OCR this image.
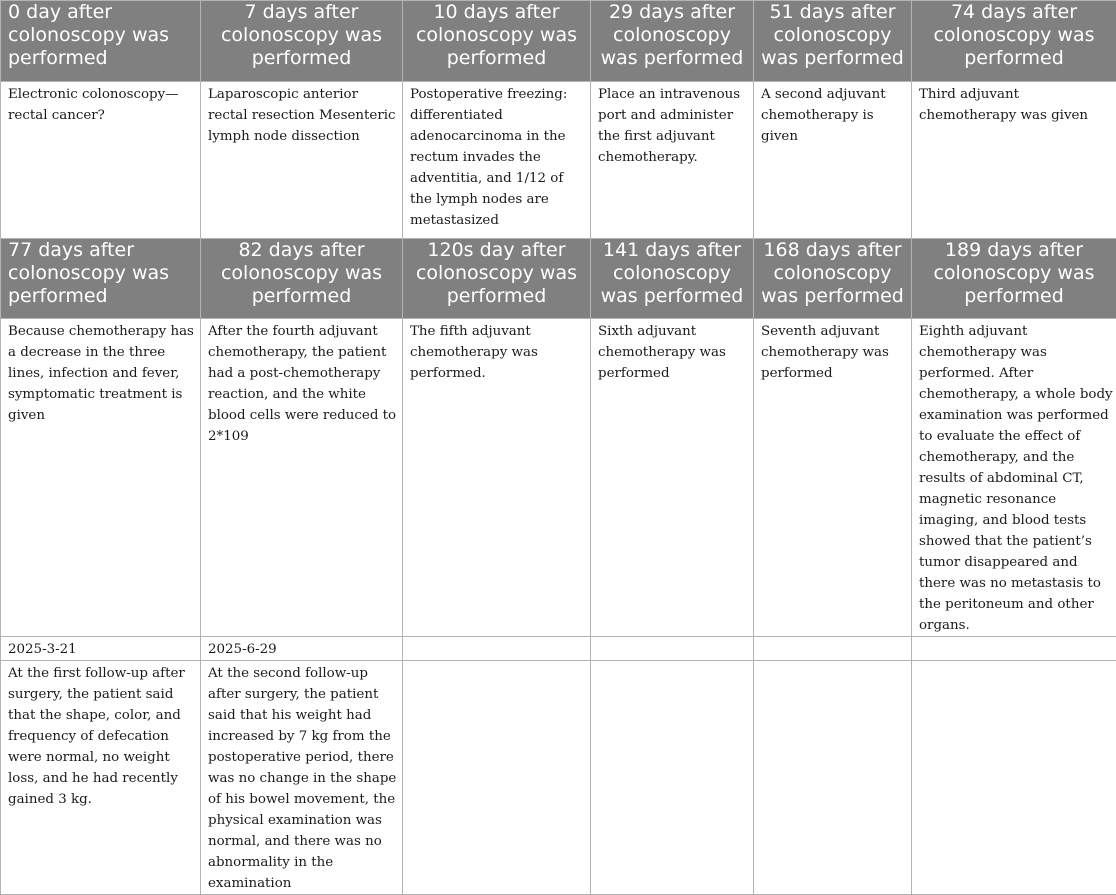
0 day after colonoscopy was performed	7 days after colonoscopy was performed	10 days after colonoscopy was performed	29 days after colonoscopy was performed	51 days after colonoscopy was performed	74 days after colonoscopy was performed
Electronic colonoscopy—rectal cancer?	Laparoscopic anterior rectal resection Mesenteric lymph node dissection	Postoperative freezing: differentiated adenocarcinoma in the rectum invades the adventitia, and 1/12 of the lymph nodes are metastasized	Place an intravenous port and administer the first adjuvant chemotherapy.	A second adjuvant chemotherapy is given	Third adjuvant chemotherapy was given
77 days after colonoscopy was performed	82 days after colonoscopy was performed	120s day after colonoscopy was performed	141 days after colonoscopy was performed	168 days after colonoscopy was performed	189 days after colonoscopy was performed
Because chemotherapy has a decrease in the three lines, infection and fever, symptomatic treatment is given	After the fourth adjuvant chemotherapy, the patient had a post-chemotherapy reaction, and the white blood cells were reduced to 2*109	The fifth adjuvant chemotherapy was performed.	Sixth adjuvant chemotherapy was performed	Seventh adjuvant chemotherapy was performed	Eighth adjuvant chemotherapy was performed. After chemotherapy, a whole body examination was performed to evaluate the effect of chemotherapy, and the results of abdominal CT, magnetic resonance imaging, and blood tests showed that the patient’s tumor disappeared and there was no metastasis to the peritoneum and other organs.
2025-3-21	2025-6-29				
At the first follow-up after surgery, the patient said that the shape, color, and frequency of defecation were normal, no weight loss, and he had recently gained 3 kg.	At the second follow-up after surgery, the patient said that his weight had increased by 7 kg from the postoperative period, there was no change in the shape of his bowel movement, the physical examination was normal, and there was no abnormality in the examination				
